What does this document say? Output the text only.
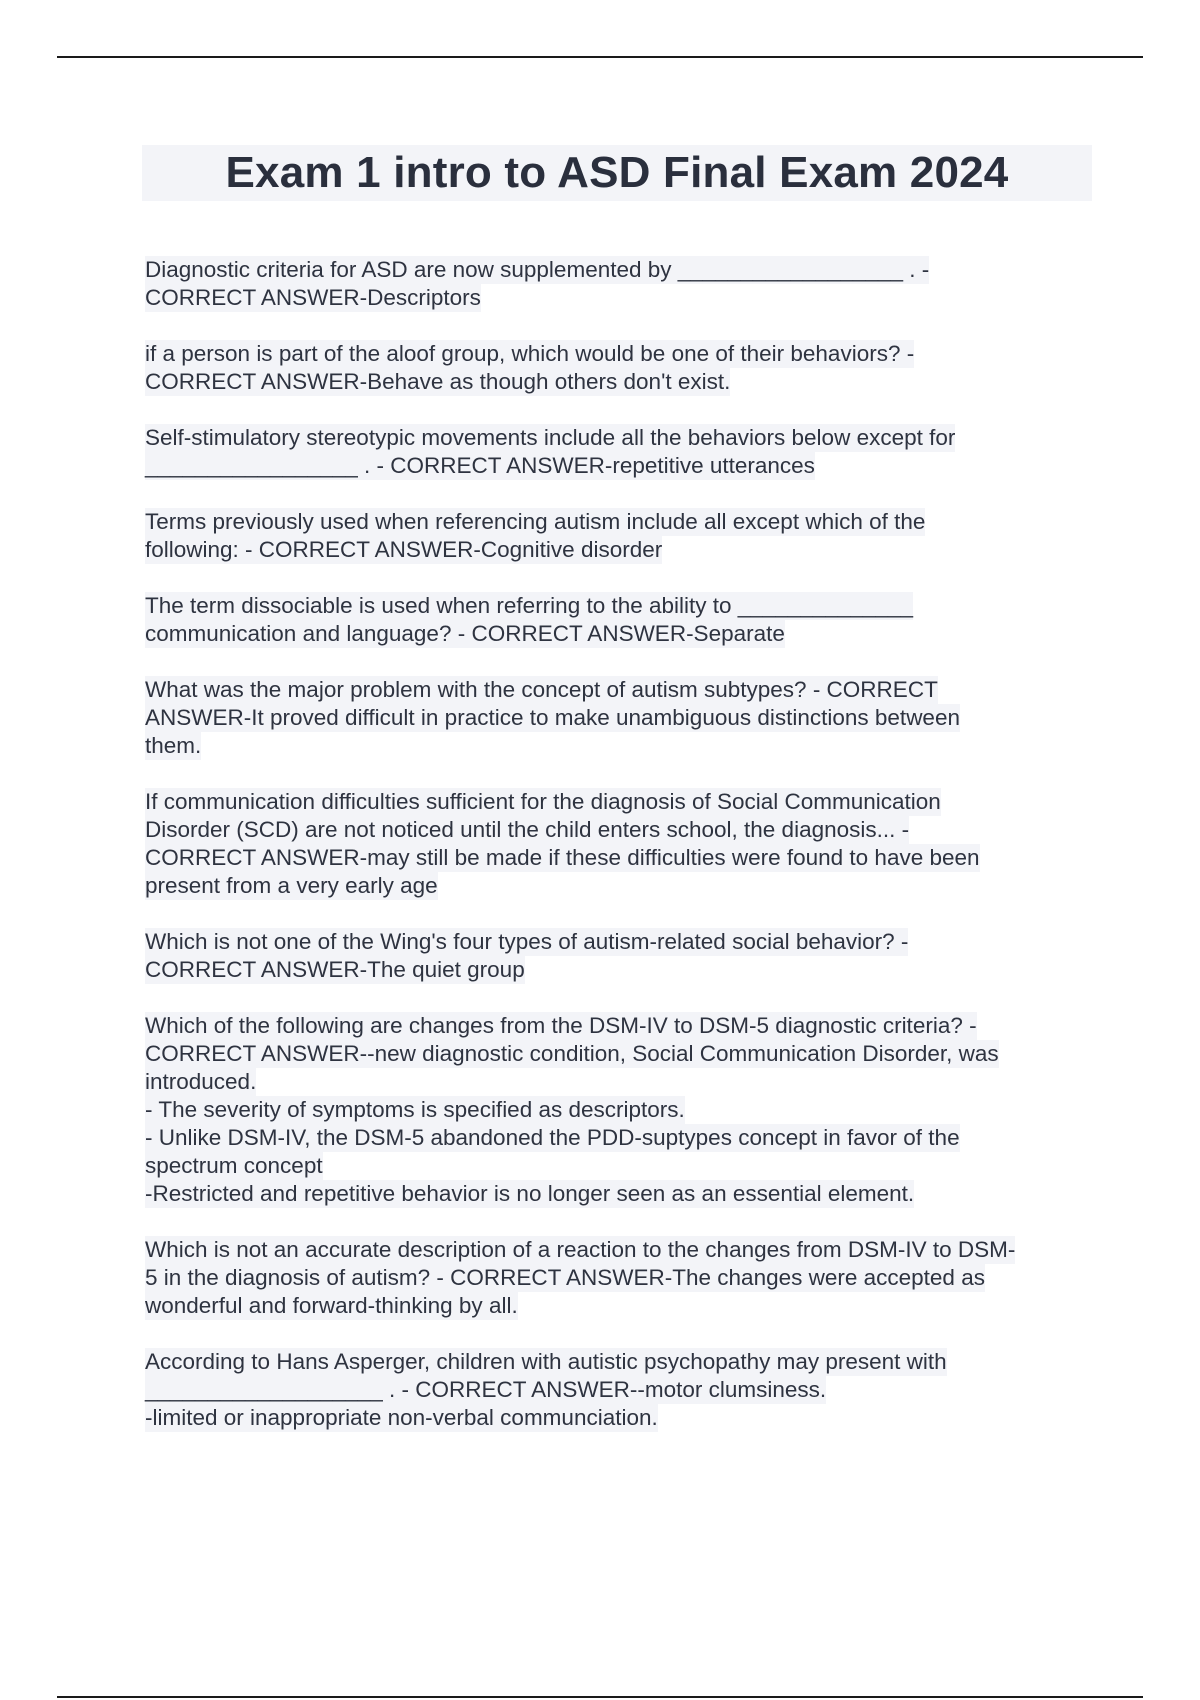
Exam 1 intro to ASD Final Exam 2024
Diagnostic criteria for ASD are now supplemented by __________________ . -
CORRECT ANSWER-Descriptors
if a person is part of the aloof group, which would be one of their behaviors? -
CORRECT ANSWER-Behave as though others don't exist.
Self-stimulatory stereotypic movements include all the behaviors below except for
_________________ . - CORRECT ANSWER-repetitive utterances
Terms previously used when referencing autism include all except which of the
following: - CORRECT ANSWER-Cognitive disorder
The term dissociable is used when referring to the ability to ______________
communication and language? - CORRECT ANSWER-Separate
What was the major problem with the concept of autism subtypes? - CORRECT
ANSWER-It proved difficult in practice to make unambiguous distinctions between
them.
If communication difficulties sufficient for the diagnosis of Social Communication
Disorder (SCD) are not noticed until the child enters school, the diagnosis... -
CORRECT ANSWER-may still be made if these difficulties were found to have been
present from a very early age
Which is not one of the Wing's four types of autism-related social behavior? -
CORRECT ANSWER-The quiet group
Which of the following are changes from the DSM-IV to DSM-5 diagnostic criteria? -
CORRECT ANSWER--new diagnostic condition, Social Communication Disorder, was
introduced.
- The severity of symptoms is specified as descriptors.
- Unlike DSM-IV, the DSM-5 abandoned the PDD-suptypes concept in favor of the
spectrum concept
-Restricted and repetitive behavior is no longer seen as an essential element.
Which is not an accurate description of a reaction to the changes from DSM-IV to DSM-
5 in the diagnosis of autism? - CORRECT ANSWER-The changes were accepted as
wonderful and forward-thinking by all.
According to Hans Asperger, children with autistic psychopathy may present with
___________________ . - CORRECT ANSWER--motor clumsiness.
-limited or inappropriate non-verbal communciation.
